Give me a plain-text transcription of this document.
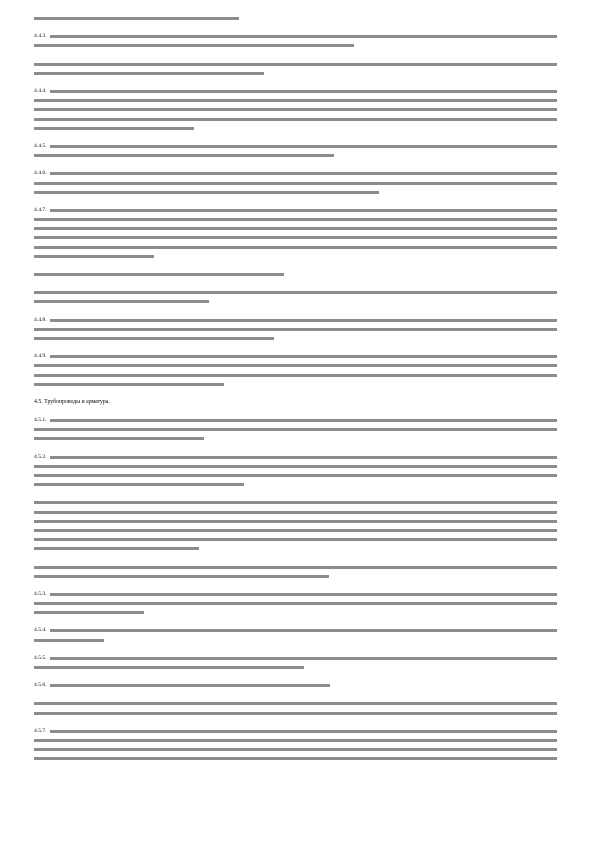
4.4.3.
4.4.4.
4.4.5.
4.4.6.
4.4.7.
4.4.8.
4.4.9.
4.5. Трубопроводы и арматура.
4.5.1.
4.5.2.
4.5.3.
4.5.4.
4.5.5.
4.5.6.
4.5.7.
